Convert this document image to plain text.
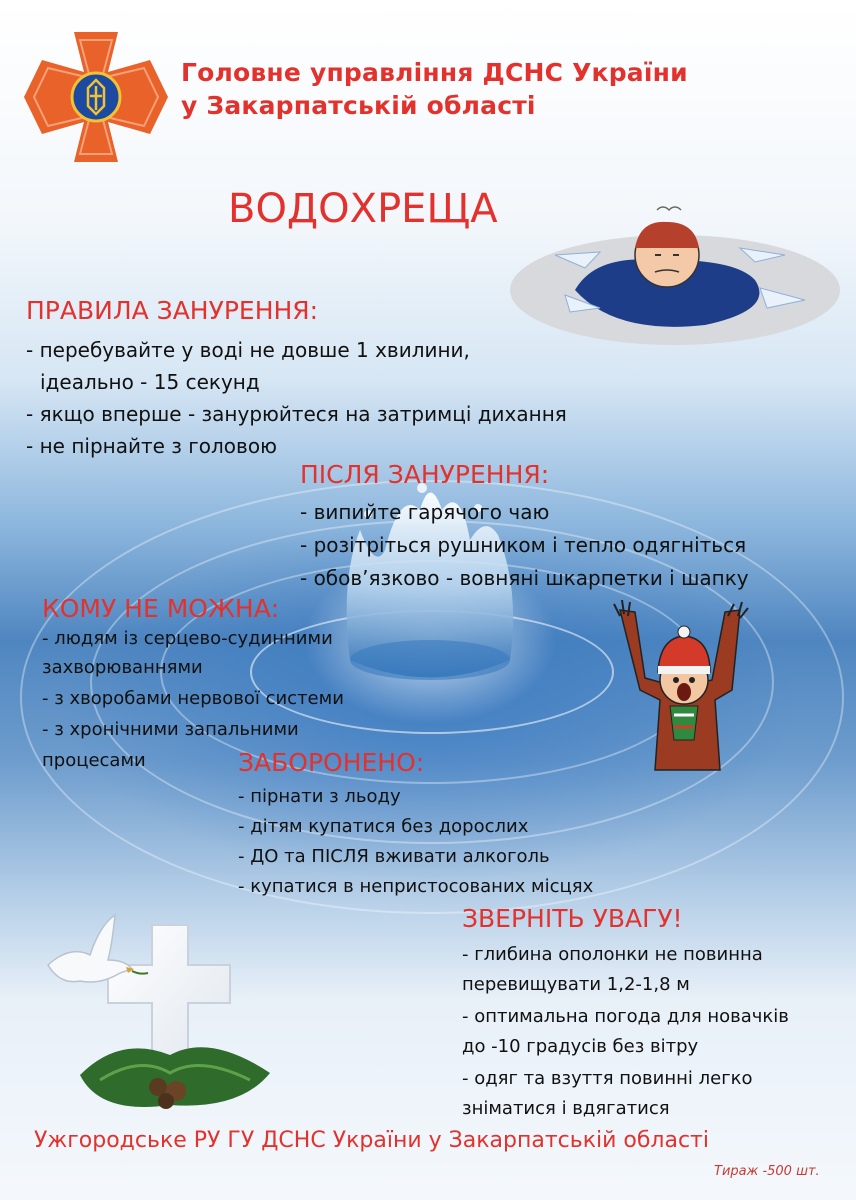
Головне управління ДСНС України
у Закарпатській області
ВОДОХРЕЩА
ПРАВИЛА ЗАНУРЕННЯ:
- перебувайте у воді не довше 1 хвилини,
ідеально - 15 секунд
- якщо вперше - занурюйтеся на затримці дихання
- не пірнайте з головою
ПІСЛЯ ЗАНУРЕННЯ:
- випийте гарячого чаю
- розітріться рушником і тепло одягніться
- обов’язково - вовняні шкарпетки і шапку
КОМУ НЕ МОЖНА:
- людям із серцево-судинними
захворюваннями
- з хворобами нервової системи
- з хронічними запальними
процесами	ЗАБОРОНЕНО:
- пірнати з льоду
- дітям купатися без дорослих
- ДО та ПІСЛЯ вживати алкоголь
- купатися в непристосованих місцях
ЗВЕРНІТЬ УВАГУ!
- глибина ополонки не повинна
перевищувати 1,2-1,8 м
- оптимальна погода для новачків
до -10 градусів без вітру
- одяг та взуття повинні легко
зніматися і вдягатися
Ужгородське РУ ГУ ДСНС України у Закарпатській області
Тираж -500 шт.
